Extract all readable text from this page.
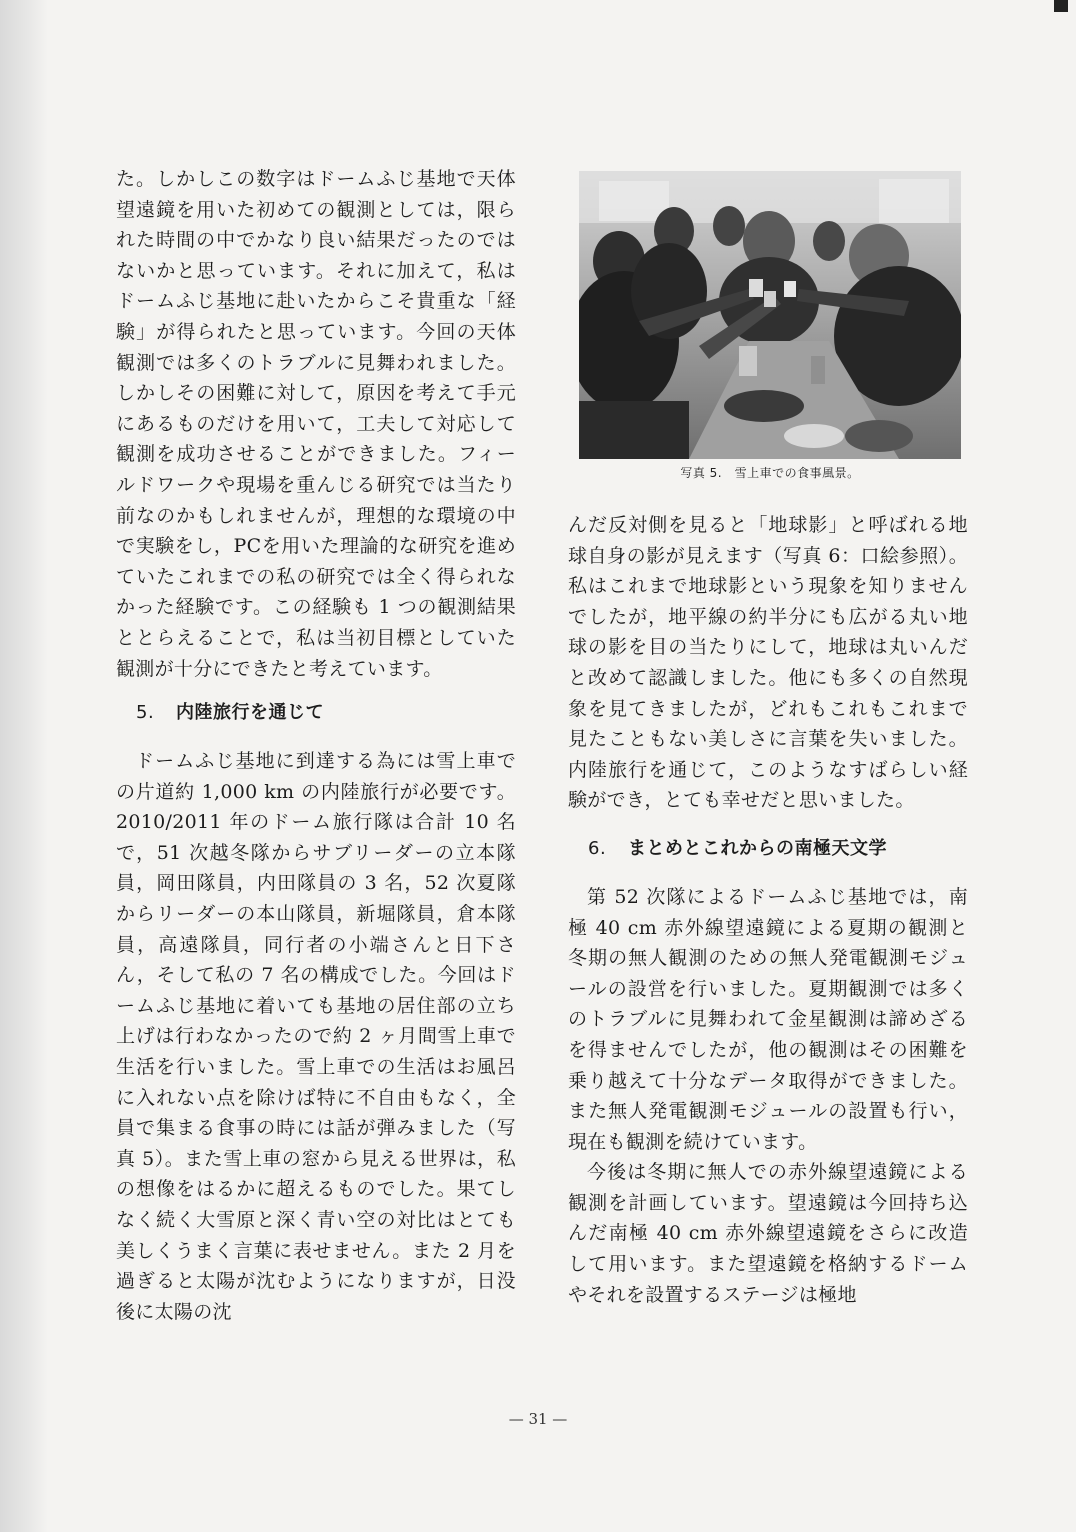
た。しかしこの数字はドームふじ基地で天体望遠鏡を用いた初めての観測としては，限られた時間の中でかなり良い結果だったのではないかと思っています。それに加えて，私はドームふじ基地に赴いたからこそ貴重な「経験」が得られたと思っています。今回の天体観測では多くのトラブルに見舞われました。しかしその困難に対して，原因を考えて手元にあるものだけを用いて，工夫して対応して観測を成功させることができました。フィールドワークや現場を重んじる研究では当たり前なのかもしれませんが，理想的な環境の中で実験をし，PCを用いた理論的な研究を進めていたこれまでの私の研究では全く得られなかった経験です。この経験も 1 つの観測結果ととらえることで，私は当初目標としていた観測が十分にできたと考えています。

5. 内陸旅行を通じて

ドームふじ基地に到達する為には雪上車での片道約 1,000 km の内陸旅行が必要です。2010/2011 年のドーム旅行隊は合計 10 名で，51 次越冬隊からサブリーダーの立本隊員，岡田隊員，内田隊員の 3 名，52 次夏隊からリーダーの本山隊員，新堀隊員，倉本隊員，高遠隊員，同行者の小端さんと日下さん，そして私の 7 名の構成でした。今回はドームふじ基地に着いても基地の居住部の立ち上げは行わなかったので約 2 ヶ月間雪上車で生活を行いました。雪上車での生活はお風呂に入れない点を除けば特に不自由もなく，全員で集まる食事の時には話が弾みました（写真 5）。また雪上車の窓から見える世界は，私の想像をはるかに超えるものでした。果てしなく続く大雪原と深く青い空の対比はとても美しくうまく言葉に表せません。また 2 月を過ぎると太陽が沈むようになりますが，日没後に太陽の沈

写真 5.　雪上車での食事風景。

んだ反対側を見ると「地球影」と呼ばれる地球自身の影が見えます（写真 6：口絵参照）。私はこれまで地球影という現象を知りませんでしたが，地平線の約半分にも広がる丸い地球の影を目の当たりにして，地球は丸いんだと改めて認識しました。他にも多くの自然現象を見てきましたが，どれもこれもこれまで見たこともない美しさに言葉を失いました。内陸旅行を通じて，このようなすばらしい経験ができ，とても幸せだと思いました。

6. まとめとこれからの南極天文学

第 52 次隊によるドームふじ基地では，南極 40 cm 赤外線望遠鏡による夏期の観測と冬期の無人観測のための無人発電観測モジュールの設営を行いました。夏期観測では多くのトラブルに見舞われて金星観測は諦めざるを得ませんでしたが，他の観測はその困難を乗り越えて十分なデータ取得ができました。また無人発電観測モジュールの設置も行い，現在も観測を続けています。

今後は冬期に無人での赤外線望遠鏡による観測を計画しています。望遠鏡は今回持ち込んだ南極 40 cm 赤外線望遠鏡をさらに改造して用います。また望遠鏡を格納するドームやそれを設置するステージは極地

— 31 —
